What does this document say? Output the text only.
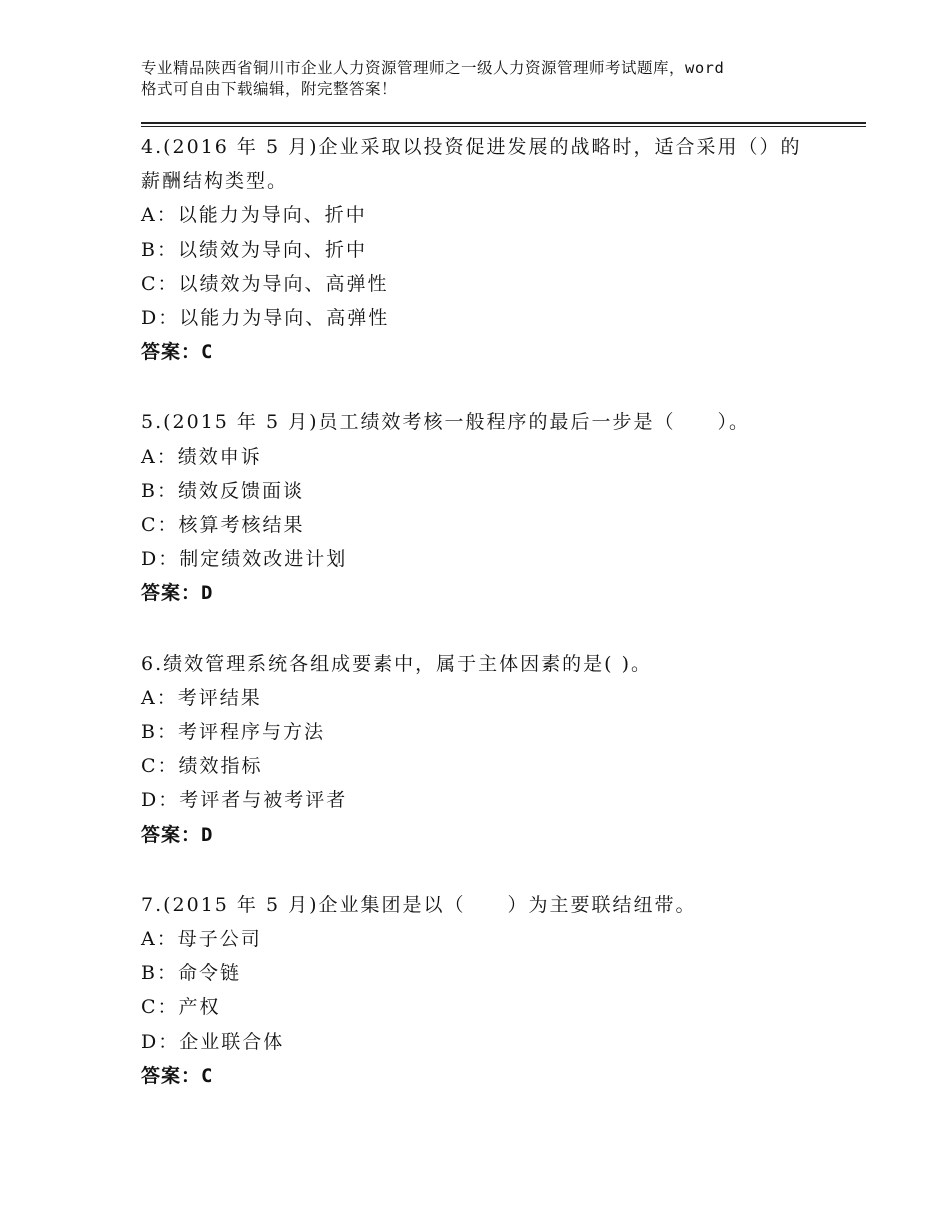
专业精品陕西省铜川市企业人力资源管理师之一级人力资源管理师考试题库，word
格式可自由下载编辑，附完整答案！
4.(2016 年 5 月)企业采取以投资促进发展的战略时，适合采用（）的
薪酬结构类型。
A：以能力为导向、折中
B：以绩效为导向、折中
C：以绩效为导向、高弹性
D：以能力为导向、高弹性
答案：C
5.(2015 年 5 月)员工绩效考核一般程序的最后一步是（　　）。
A：绩效申诉
B：绩效反馈面谈
C：核算考核结果
D：制定绩效改进计划
答案：D
6.绩效管理系统各组成要素中，属于主体因素的是( )。
A：考评结果
B：考评程序与方法
C：绩效指标
D：考评者与被考评者
答案：D
7.(2015 年 5 月)企业集团是以（　　）为主要联结纽带。
A：母子公司
B：命令链
C：产权
D：企业联合体
答案：C
